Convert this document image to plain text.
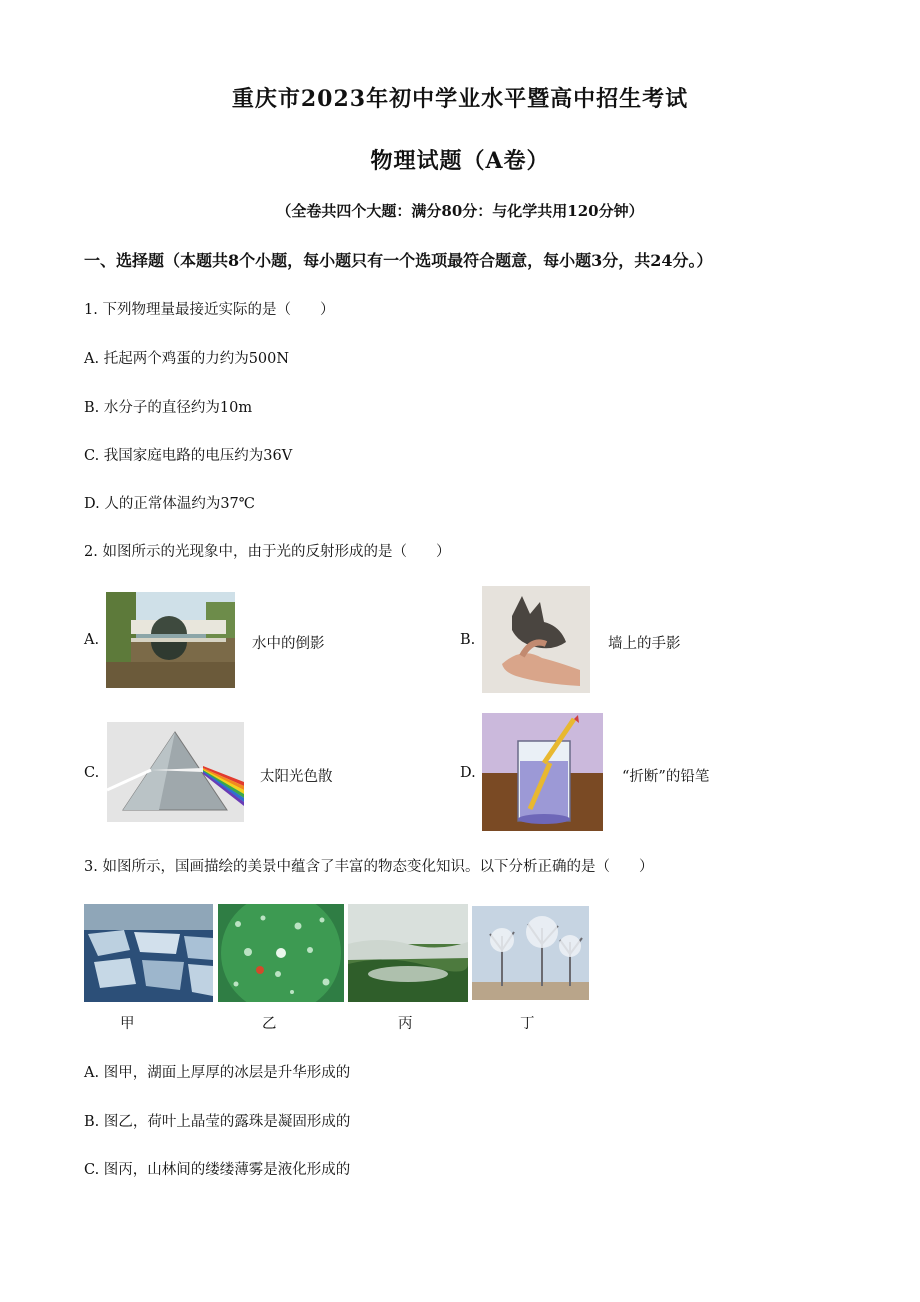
重庆市2023年初中学业水平暨高中招生考试
物理试题（A卷）
（全卷共四个大题：满分80分：与化学共用120分钟）
一、选择题（本题共8个小题，每小题只有一个选项最符合题意，每小题3分，共24分。）
1. 下列物理量最接近实际的是（　　）
A. 托起两个鸡蛋的力约为500N
B. 水分子的直径约为10m
C. 我国家庭电路的电压约为36V
D. 人的正常体温约为37℃
2. 如图所示的光现象中，由于光的反射形成的是（　　）
A.	水中的倒影	B.	墙上的手影
C.	太阳光色散	D.	“折断”的铅笔
3. 如图所示，国画描绘的美景中蕴含了丰富的物态变化知识。以下分析正确的是（　　）
甲	乙	丙	丁
A. 图甲，湖面上厚厚的冰层是升华形成的
B. 图乙，荷叶上晶莹的露珠是凝固形成的
C. 图丙，山林间的缕缕薄雾是液化形成的
